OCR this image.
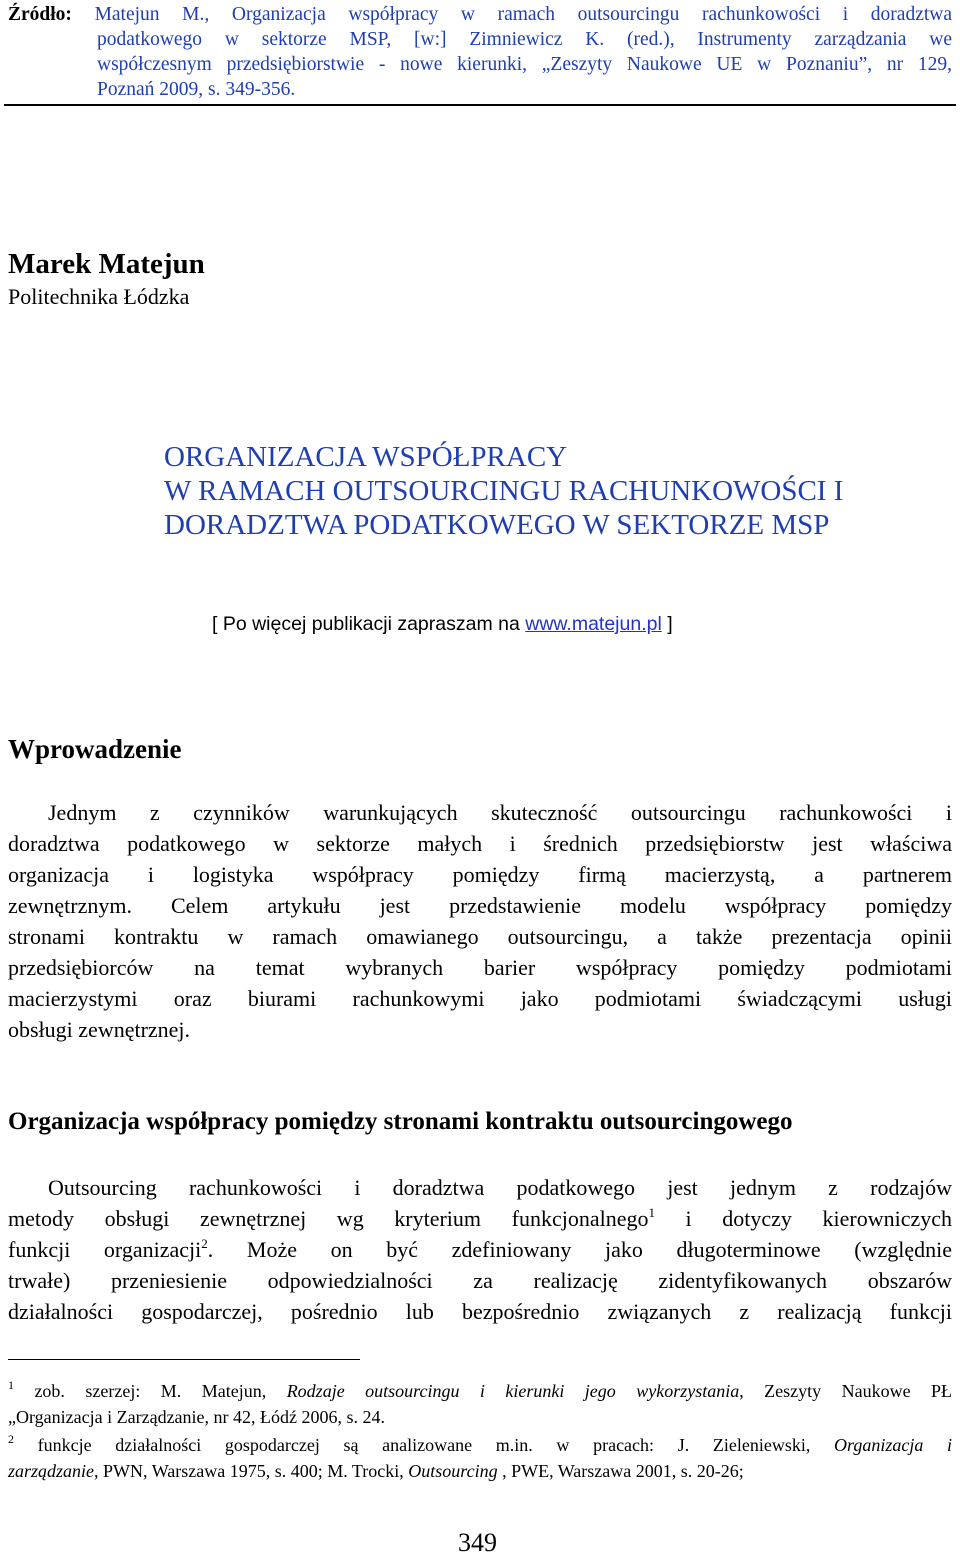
Źródło: Matejun M., Organizacja współpracy w ramach outsourcingu rachunkowości i doradztwa
podatkowego w sektorze MSP, [w:] Zimniewicz K. (red.), Instrumenty zarządzania we
współczesnym przedsiębiorstwie - nowe kierunki, „Zeszyty Naukowe UE w Poznaniu”, nr 129,
Poznań 2009, s. 349-356.
Marek Matejun
Politechnika Łódzka
ORGANIZACJA WSPÓŁPRACY
W RAMACH OUTSOURCINGU RACHUNKOWOŚCI I
DORADZTWA PODATKOWEGO W SEKTORZE MSP
[ Po więcej publikacji zapraszam na www.matejun.pl ]
Wprowadzenie
Jednym z czynników warunkujących skuteczność outsourcingu rachunkowości i
doradztwa podatkowego w sektorze małych i średnich przedsiębiorstw jest właściwa
organizacja i logistyka współpracy pomiędzy firmą macierzystą, a partnerem
zewnętrznym. Celem artykułu jest przedstawienie modelu współpracy pomiędzy
stronami kontraktu w ramach omawianego outsourcingu, a także prezentacja opinii
przedsiębiorców na temat wybranych barier współpracy pomiędzy podmiotami
macierzystymi oraz biurami rachunkowymi jako podmiotami świadczącymi usługi
obsługi zewnętrznej.
Organizacja współpracy pomiędzy stronami kontraktu outsourcingowego
Outsourcing rachunkowości i doradztwa podatkowego jest jednym z rodzajów
metody obsługi zewnętrznej wg kryterium funkcjonalnego$^1$ i dotyczy kierowniczych
funkcji organizacji$^2$. Może on być zdefiniowany jako długoterminowe (względnie
trwałe) przeniesienie odpowiedzialności za realizację zidentyfikowanych obszarów
działalności gospodarczej, pośrednio lub bezpośrednio związanych z realizacją funkcji
$^1$ zob. szerzej: M. Matejun, Rodzaje outsourcingu i kierunki jego wykorzystania, Zeszyty Naukowe PŁ
„Organizacja i Zarządzanie, nr 42, Łódź 2006, s. 24.
$^2$ funkcje działalności gospodarczej są analizowane m.in. w pracach: J. Zieleniewski, Organizacja i
zarządzanie, PWN, Warszawa 1975, s. 400; M. Trocki, Outsourcing , PWE, Warszawa 2001, s. 20-26;
349
